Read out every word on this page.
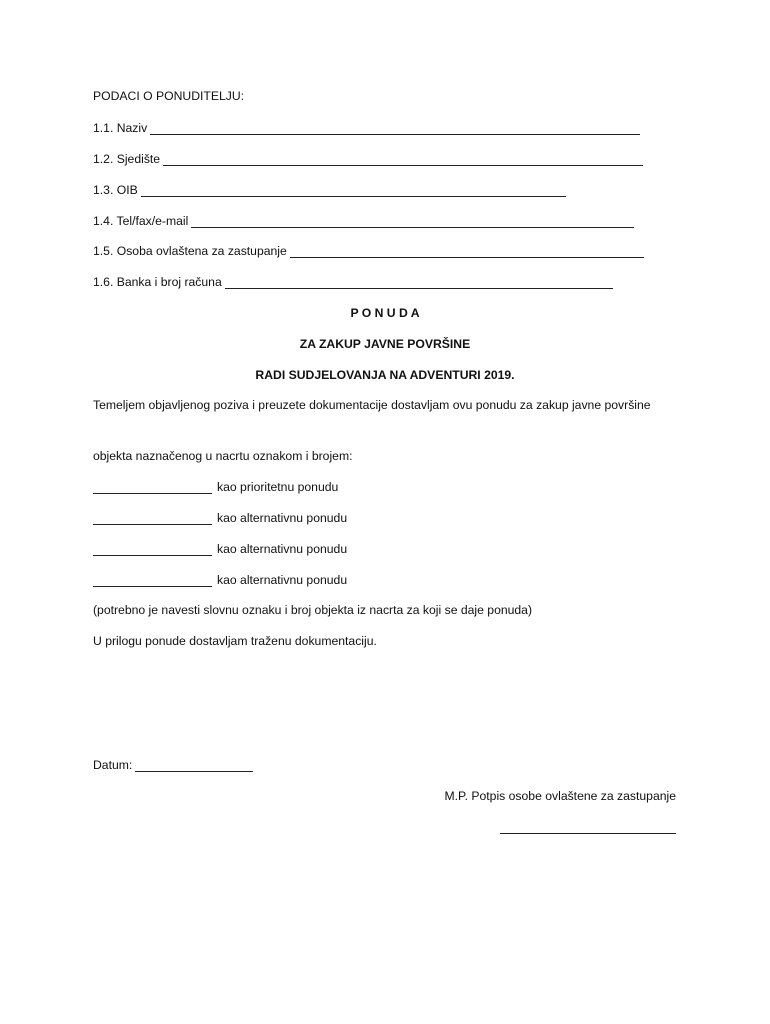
PODACI O PONUDITELJU:
1.1. Naziv
1.2. Sjedište
1.3. OIB
1.4. Tel/fax/e-mail
1.5. Osoba ovlaštena za zastupanje
1.6. Banka i broj računa
P O N U D A
ZA ZAKUP JAVNE POVRŠINE
RADI SUDJELOVANJA NA ADVENTURI 2019.
Temeljem objavljenog poziva i preuzete dokumentacije dostavljam ovu ponudu za zakup javne površine
objekta naznačenog u nacrtu oznakom i brojem:
kao prioritetnu ponudu
kao alternativnu ponudu
kao alternativnu ponudu
kao alternativnu ponudu
(potrebno je navesti slovnu oznaku i broj objekta iz nacrta za koji se daje ponuda)
U prilogu ponude dostavljam traženu dokumentaciju.
Datum:
M.P. Potpis osobe ovlaštene za zastupanje
